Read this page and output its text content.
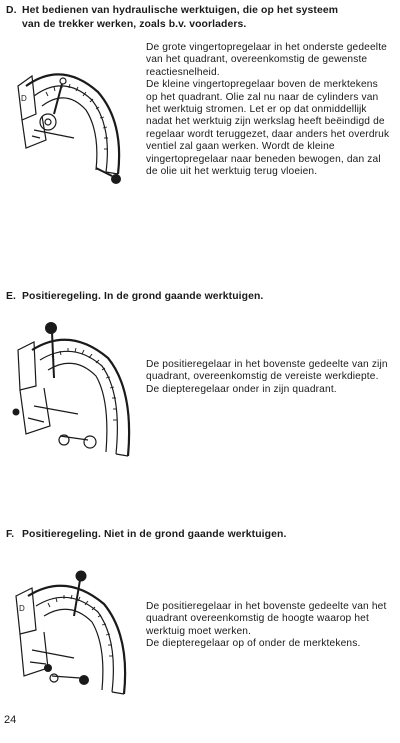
D. Het bedienen van hydraulische werktuigen, die op het systeem
van de trekker werken, zoals b.v. voorladers.
D

De grote vingertopregelaar in het onderste gedeelte van het quadrant, overeenkomstig de gewenste reactiesnelheid.

De kleine vingertopregelaar boven de merktekens op het quadrant. Olie zal nu naar de cylinders van het werktuig stromen. Let er op dat onmiddellijk nadat het werktuig zijn werkslag heeft beëindigd de regelaar wordt teruggezet, daar anders het overdruk ventiel zal gaan werken. Wordt de kleine vingertopregelaar naar beneden bewogen, dan zal de olie uit het werktuig terug vloeien.

E. Positieregeling. In de grond gaande werktuigen.

De positieregelaar in het bovenste gedeelte van zijn quadrant, overeenkomstig de vereiste werkdiepte. De diepteregelaar onder in zijn quadrant.

F. Positieregeling. Niet in de grond gaande werktuigen.
D	De positieregelaar in het bovenste gedeelte van het quadrant overeenkomstig de hoogte waarop het werktuig moet werken.

De diepteregelaar op of onder de merktekens.

24
